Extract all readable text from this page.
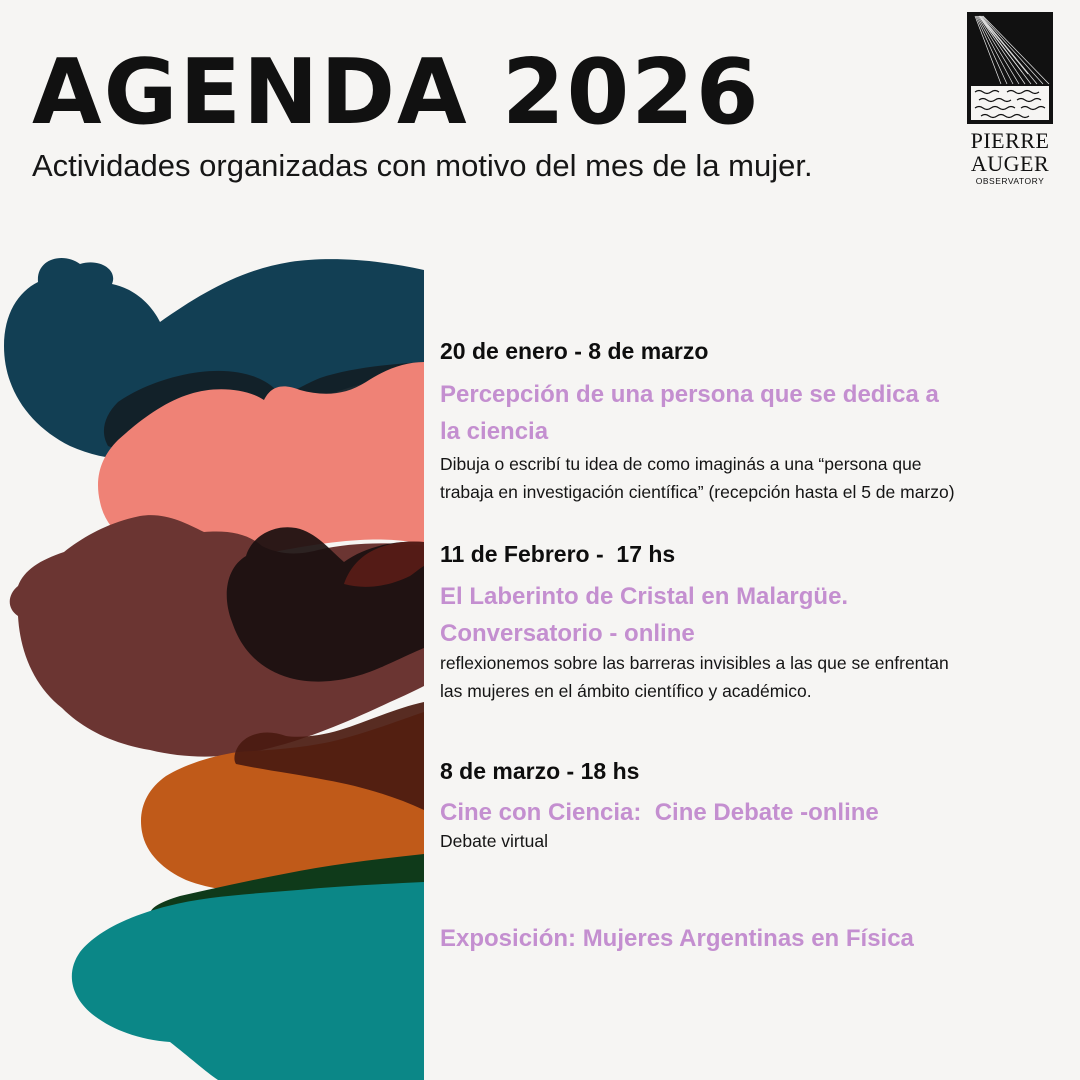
AGENDA 2026

Actividades organizadas con motivo del mes de la mujer.

PIERRE
AUGER
OBSERVATORY
20 de enero - 8 de marzo
Percepción de una persona que se dedica a
la ciencia
Dibuja o escribí tu idea de como imaginás a una “persona que
trabaja en investigación científica” (recepción hasta el 5 de marzo)
11 de Febrero -  17 hs
El Laberinto de Cristal en Malargüe.
Conversatorio - online
reflexionemos sobre las barreras invisibles a las que se enfrentan
las mujeres en el ámbito científico y académico.
8 de marzo - 18 hs
Cine con Ciencia:  Cine Debate -online
Debate virtual
Exposición: Mujeres Argentinas en Física
